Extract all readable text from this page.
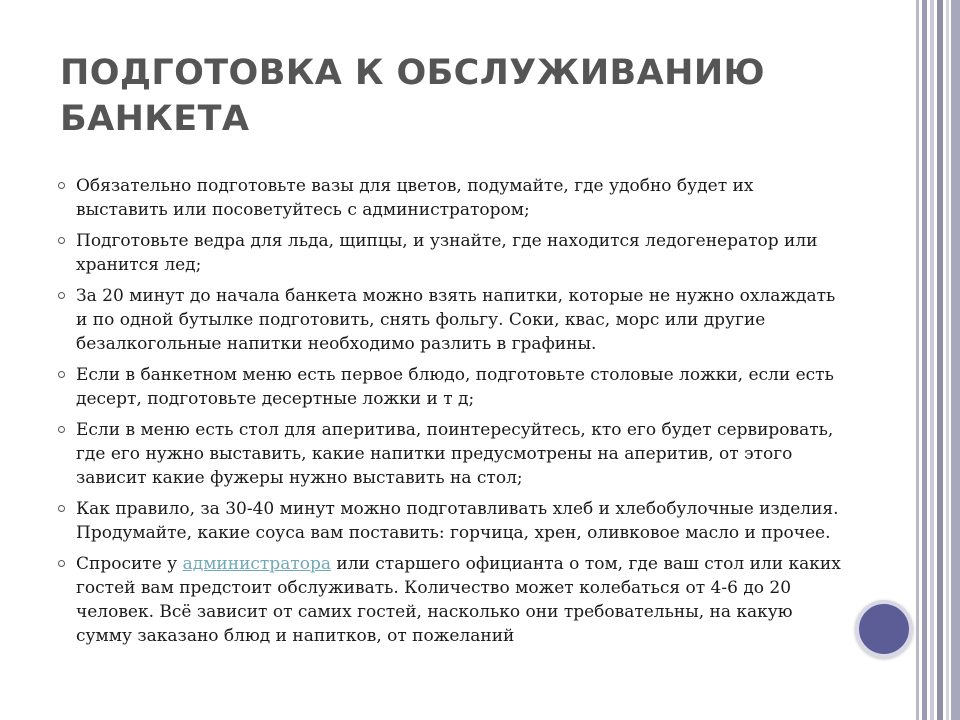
ПОДГОТОВКА К ОБСЛУЖИВАНИЮ БАНКЕТА
Обязательно подготовьте вазы для цветов, подумайте, где удобно будет их выставить или посоветуйтесь с администратором;
Подготовьте ведра для льда, щипцы, и узнайте, где находится ледогенератор или хранится лед;
За 20 минут до начала банкета можно взять напитки, которые не нужно охлаждать и по одной бутылке подготовить, снять фольгу. Соки, квас, морс или другие безалкогольные напитки необходимо разлить в графины.
Если в банкетном меню есть первое блюдо, подготовьте столовые ложки, если есть десерт, подготовьте десертные ложки и т д;
Если в меню есть стол для аперитива, поинтересуйтесь, кто его будет сервировать, где его нужно выставить, какие напитки предусмотрены на аперитив, от этого зависит какие фужеры нужно выставить на стол;
Как правило, за 30-40 минут можно подготавливать хлеб и хлебобулочные изделия. Продумайте, какие соуса вам поставить: горчица, хрен, оливковое масло и прочее.
Спросите у администратора или старшего официанта о том, где ваш стол или каких гостей вам предстоит обслуживать. Количество может колебаться от 4-6 до 20 человек. Всё зависит от самих гостей, насколько они требовательны, на какую сумму заказано блюд и напитков, от пожеланий
